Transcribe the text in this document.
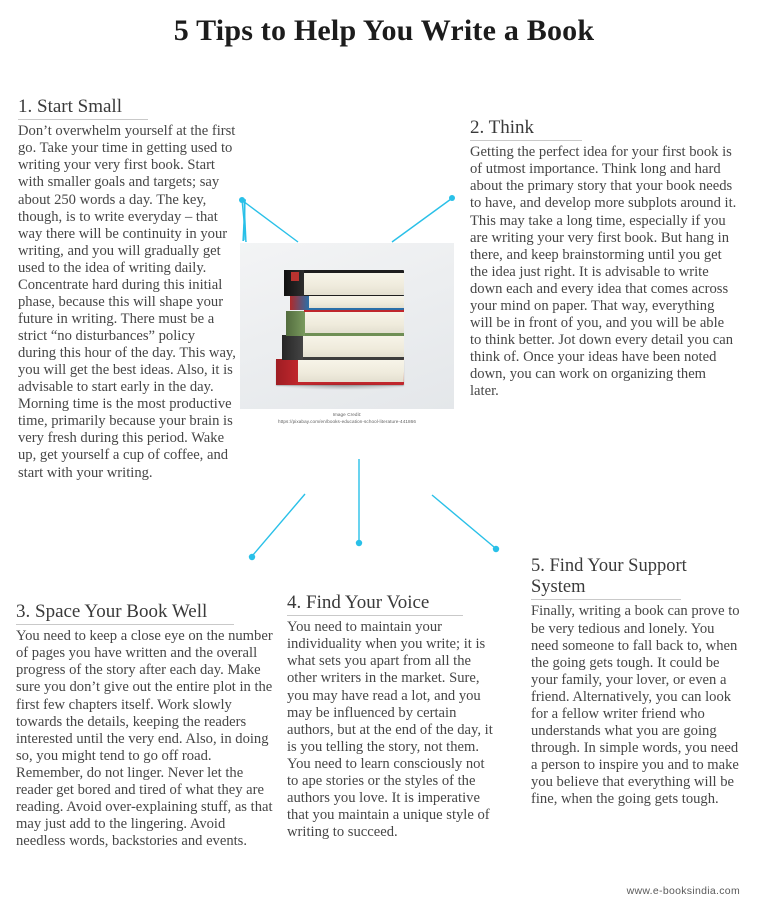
5 Tips to Help You Write a Book
1. Start Small

Don’t overwhelm yourself at the first go. Take your time in getting used to writing your very first book. Start with smaller goals and targets; say about 250 words a day. The key, though, is to write everyday – that way there will be continuity in your writing, and you will gradually get used to the idea of writing daily. Concentrate hard during this initial phase, because this will shape your future in writing. There must be a strict “no disturbances” policy during this hour of the day. This way, you will get the best ideas. Also, it is advisable to start early in the day. Morning time is the most productive time, primarily because your brain is very fresh during this period. Wake up, get yourself a cup of coffee, and start with your writing.

2. Think

Getting the perfect idea for your first book is of utmost importance. Think long and hard about the primary story that your book needs to have, and develop more subplots around it. This may take a long time, especially if you are writing your very first book. But hang in there, and keep brainstorming until you get the idea just right. It is advisable to write down each and every idea that comes across your mind on paper. That way, everything will be in front of you, and you will be able to think better. Jot down every detail you can think of. Once your ideas have been noted down, you can work on organizing them later.

3. Space Your Book Well

You need to keep a close eye on the number of pages you have written and the overall progress of the story after each day. Make sure you don’t give out the entire plot in the first few chapters itself. Work slowly towards the details, keeping the readers interested until the very end. Also, in doing so, you might tend to go off road. Remember, do not linger. Never let the reader get bored and tired of what they are reading. Avoid over-explaining stuff, as that may just add to the lingering. Avoid needless words, backstories and events.

4. Find Your Voice

You need to maintain your individuality when you write; it is what sets you apart from all the other writers in the market. Sure, you may have read a lot, and you may be influenced by certain authors, but at the end of the day, it is you telling the story, not them. You need to learn consciously not to ape stories or the styles of the authors you love. It is imperative that you maintain a unique style of writing to succeed.

5. Find Your Support System

Finally, writing a book can prove to be very tedious and lonely. You need someone to fall back to, when the going gets tough. It could be your family, your lover, or even a friend. Alternatively, you can look for a fellow writer friend who understands what you are going through. In simple words, you need a person to inspire you and to make you believe that everything will be fine, when the going gets tough.

Image Credit:
https://pixabay.com/en/books-education-school-literature-441866
www.e-booksindia.com
